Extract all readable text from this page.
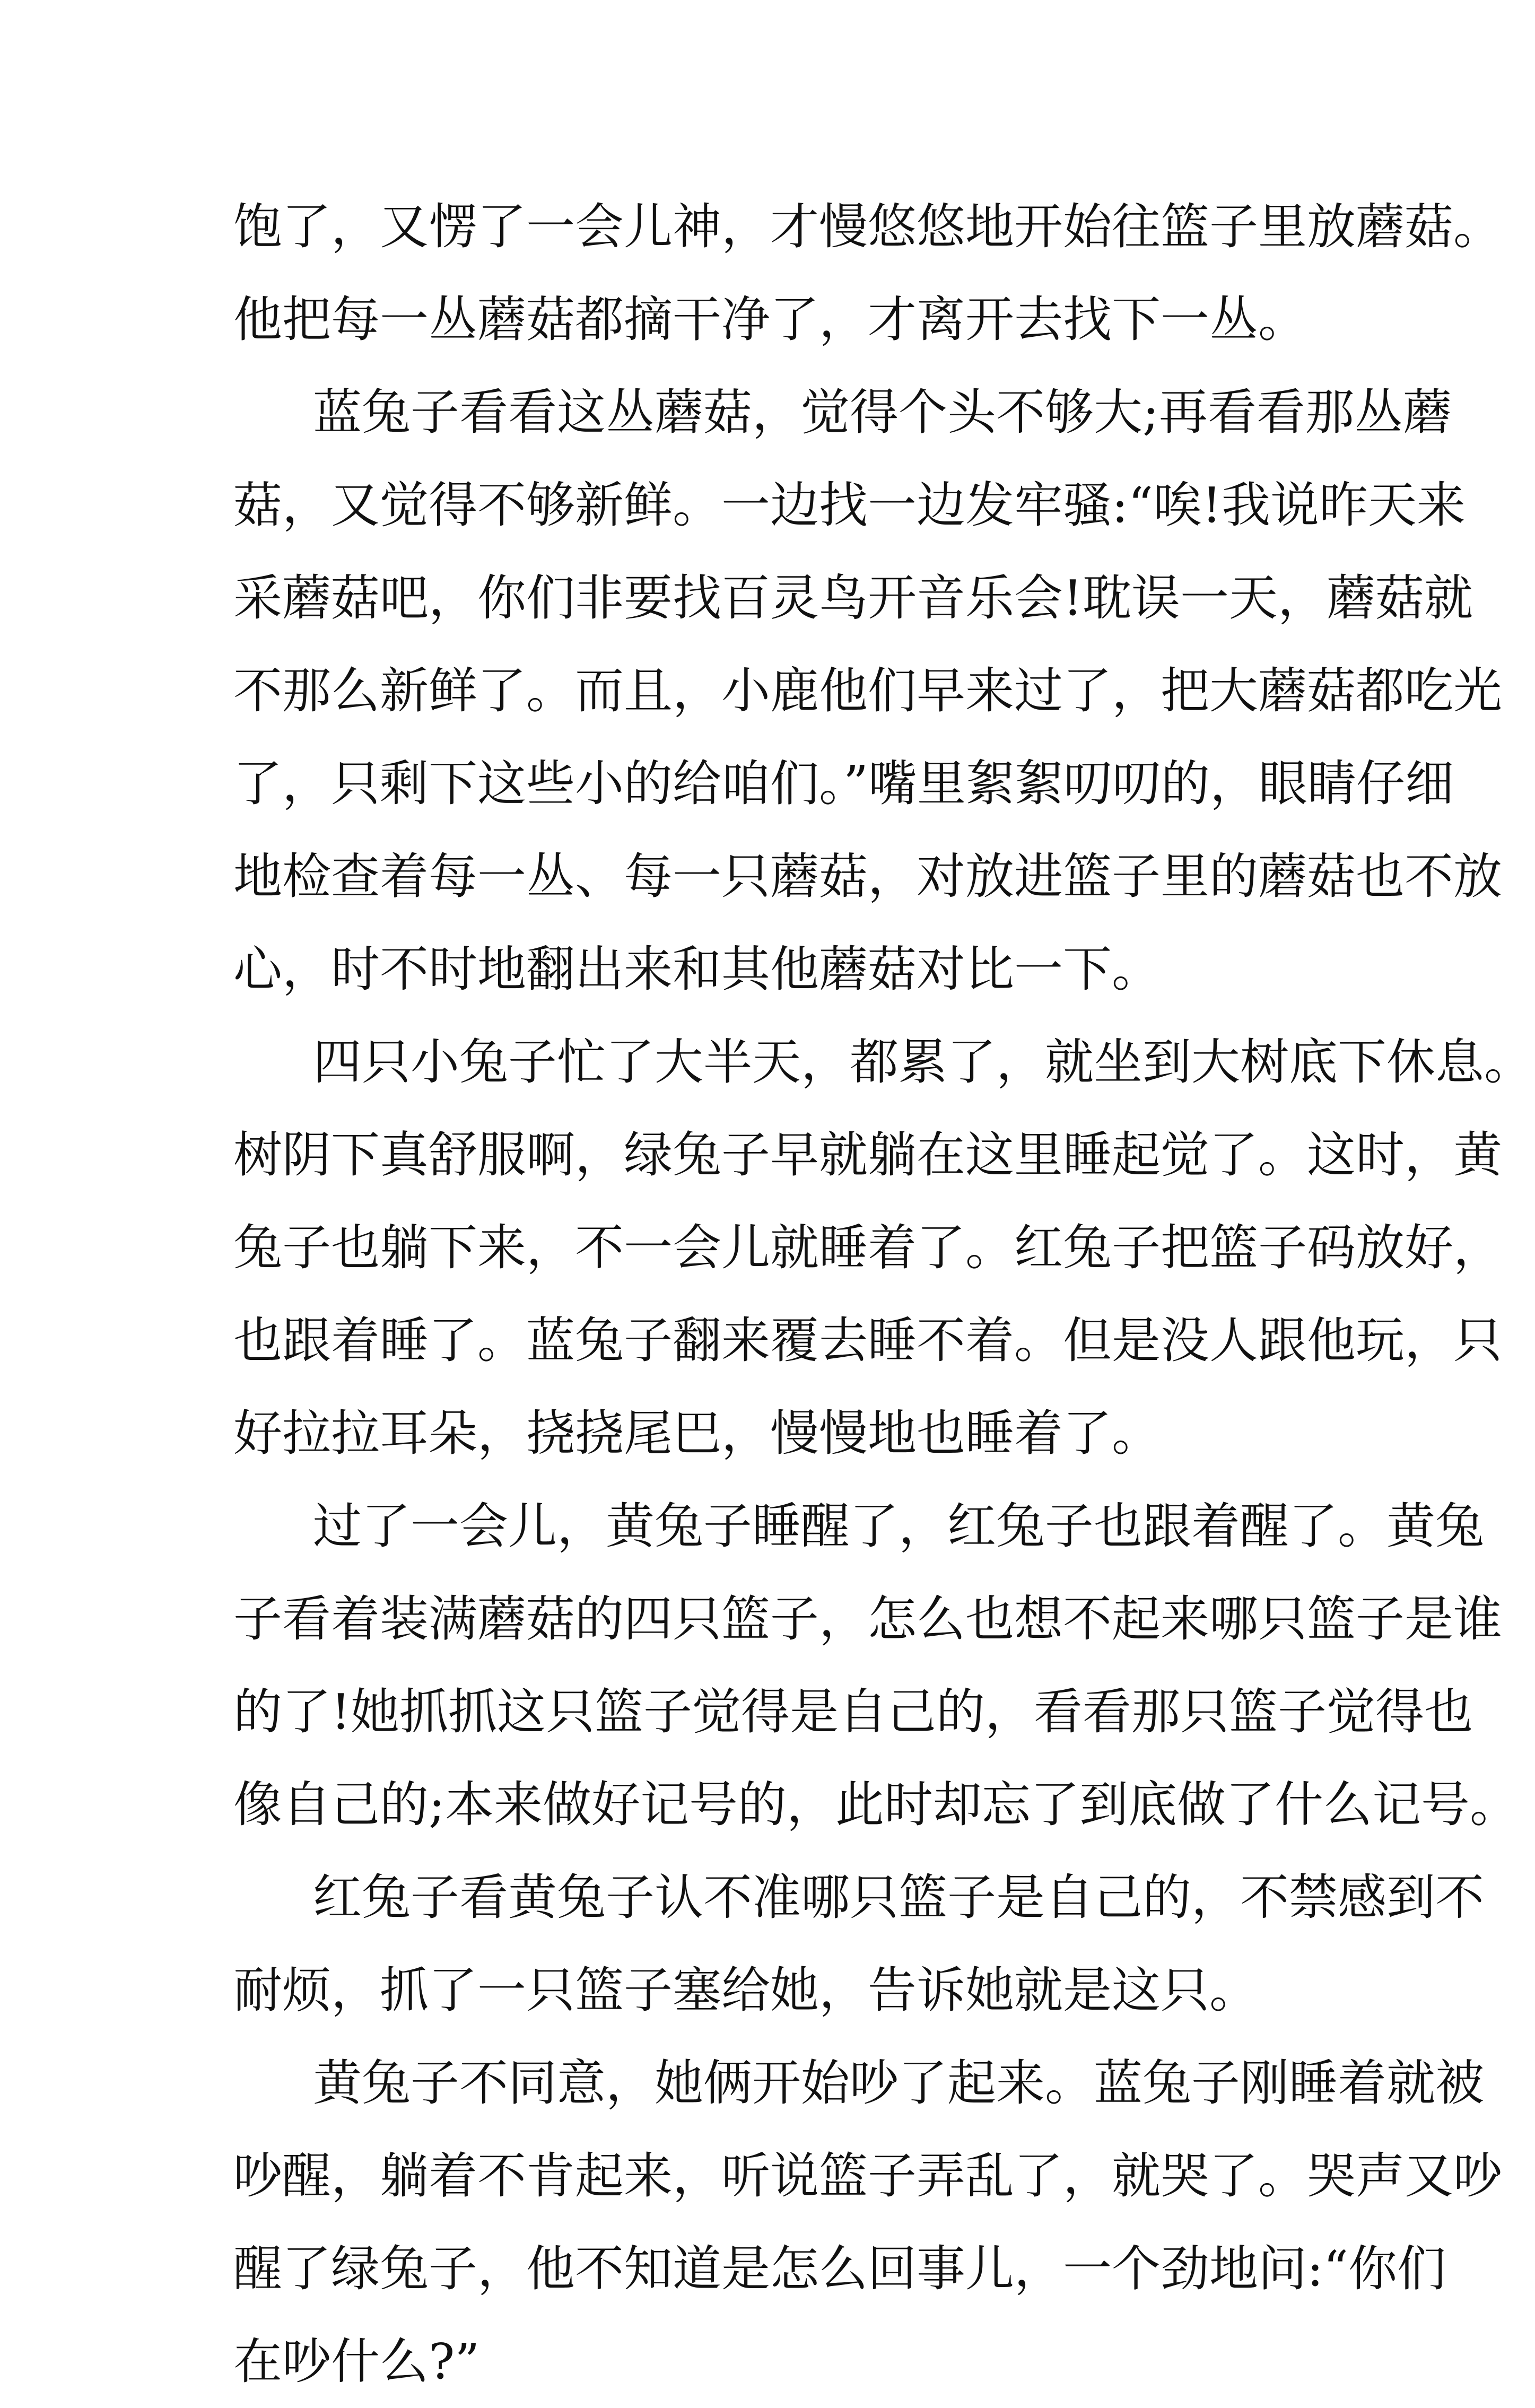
饱了，又愣了一会儿神，才慢悠悠地开始往篮子里放蘑菇。
他把每一丛蘑菇都摘干净了，才离开去找下一丛。
蓝兔子看看这丛蘑菇，觉得个头不够大;再看看那丛蘑
菇，又觉得不够新鲜。一边找一边发牢骚:“唉!我说昨天来
采蘑菇吧，你们非要找百灵鸟开音乐会!耽误一天，蘑菇就
不那么新鲜了。而且，小鹿他们早来过了，把大蘑菇都吃光
了，只剩下这些小的给咱们。”嘴里絮絮叨叨的，眼睛仔细
地检查着每一丛、每一只蘑菇，对放进篮子里的蘑菇也不放
心，时不时地翻出来和其他蘑菇对比一下。
四只小兔子忙了大半天，都累了，就坐到大树底下休息。
树阴下真舒服啊，绿兔子早就躺在这里睡起觉了。这时，黄
兔子也躺下来，不一会儿就睡着了。红兔子把篮子码放好，
也跟着睡了。蓝兔子翻来覆去睡不着。但是没人跟他玩，只
好拉拉耳朵，挠挠尾巴，慢慢地也睡着了。
过了一会儿，黄兔子睡醒了，红兔子也跟着醒了。黄兔
子看着装满蘑菇的四只篮子，怎么也想不起来哪只篮子是谁
的了!她抓抓这只篮子觉得是自己的，看看那只篮子觉得也
像自己的;本来做好记号的，此时却忘了到底做了什么记号。
红兔子看黄兔子认不准哪只篮子是自己的，不禁感到不
耐烦，抓了一只篮子塞给她，告诉她就是这只。
黄兔子不同意，她俩开始吵了起来。蓝兔子刚睡着就被
吵醒，躺着不肯起来，听说篮子弄乱了，就哭了。哭声又吵
醒了绿兔子，他不知道是怎么回事儿，一个劲地问:“你们
在吵什么?”
